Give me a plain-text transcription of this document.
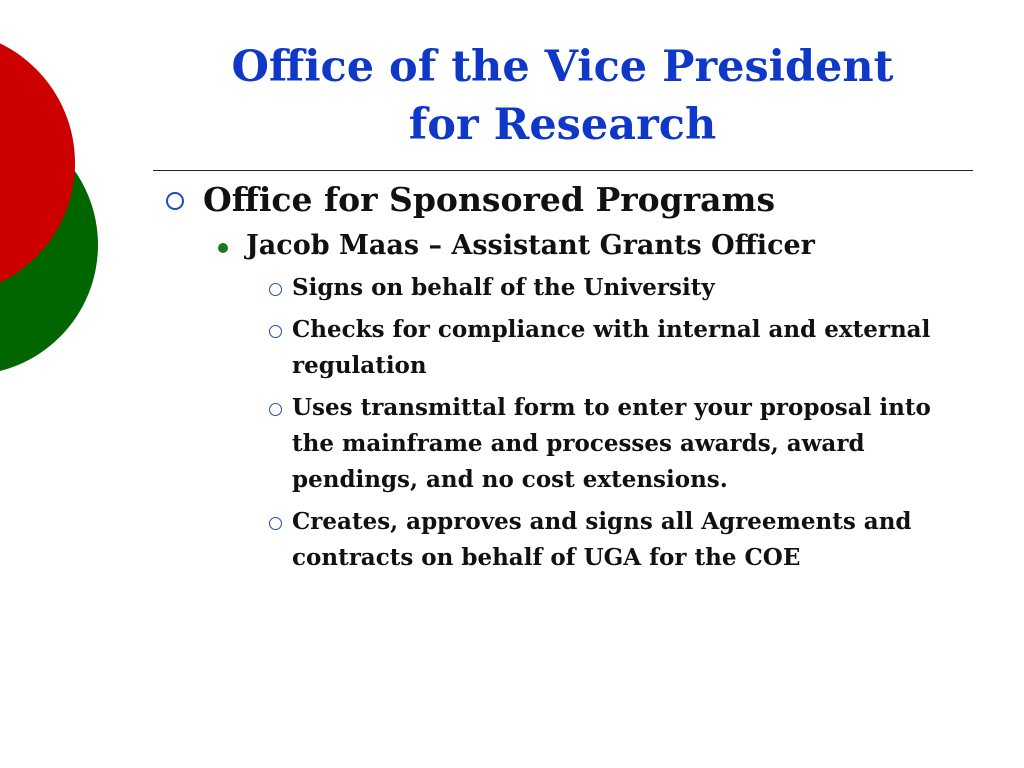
Office of the Vice President
for Research
Office for Sponsored Programs
Jacob Maas – Assistant Grants Officer
Signs on behalf of the University
Checks for compliance with internal and external regulation
Uses transmittal form to enter your proposal into the mainframe and processes awards, award pendings, and no cost extensions.
Creates, approves and signs all Agreements and contracts on behalf of UGA for the COE
